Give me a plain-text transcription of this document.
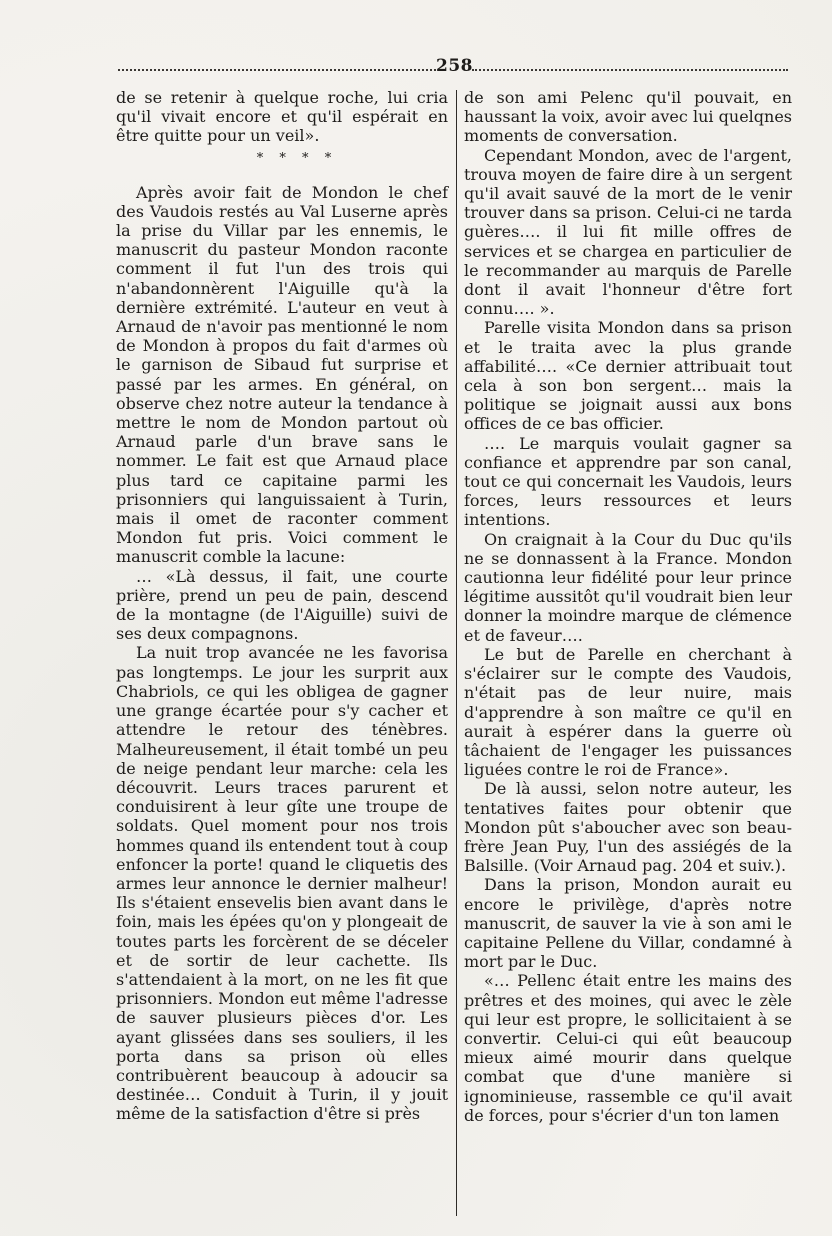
258

de se retenir à quelque roche, lui cria qu'il vivait encore et qu'il espérait en être quitte pour un veil».

* * * *

Après avoir fait de Mondon le chef des Vaudois restés au Val Luserne après la prise du Villar par les ennemis, le manuscrit du pasteur Mondon raconte comment il fut l'un des trois qui n'abandonnèrent l'Aiguille qu'à la dernière extrémité. L'auteur en veut à Arnaud de n'avoir pas mentionné le nom de Mondon à propos du fait d'armes où le garnison de Sibaud fut surprise et passé par les armes. En général, on observe chez notre auteur la tendance à mettre le nom de Mondon partout où Arnaud parle d'un brave sans le nommer. Le fait est que Arnaud place plus tard ce capitaine parmi les prisonniers qui languissaient à Turin, mais il omet de raconter comment Mondon fut pris. Voici comment le manuscrit comble la lacune:

… «Là dessus, il fait, une courte prière, prend un peu de pain, descend de la montagne (de l'Aiguille) suivi de ses deux compagnons.

La nuit trop avancée ne les favorisa pas longtemps. Le jour les surprit aux Chabriols, ce qui les obligea de gagner une grange écartée pour s'y cacher et attendre le retour des ténèbres. Malheureusement, il était tombé un peu de neige pendant leur marche: cela les découvrit. Leurs traces parurent et conduisirent à leur gîte une troupe de soldats. Quel moment pour nos trois hommes quand ils entendent tout à coup enfoncer la porte! quand le cliquetis des armes leur annonce le dernier malheur! Ils s'étaient ensevelis bien avant dans le foin, mais les épées qu'on y plongeait de toutes parts les forcèrent de se déceler et de sortir de leur cachette. Ils s'attendaient à la mort, on ne les fit que prisonniers. Mondon eut même l'adresse de sauver plusieurs pièces d'or. Les ayant glissées dans ses souliers, il les porta dans sa prison où elles contribuèrent beaucoup à adoucir sa destinée… Conduit à Turin, il y jouit même de la satisfaction d'être si près

de son ami Pelenc qu'il pouvait, en haussant la voix, avoir avec lui quelqnes moments de conversation.

Cependant Mondon, avec de l'argent, trouva moyen de faire dire à un sergent qu'il avait sauvé de la mort de le venir trouver dans sa prison. Celui-ci ne tarda guères…. il lui fit mille offres de services et se chargea en particulier de le recommander au marquis de Parelle dont il avait l'honneur d'être fort connu…. ».

Parelle visita Mondon dans sa prison et le traita avec la plus grande affabilité…. «Ce dernier attribuait tout cela à son bon sergent… mais la politique se joignait aussi aux bons offices de ce bas officier.

…. Le marquis voulait gagner sa confiance et apprendre par son canal, tout ce qui concernait les Vaudois, leurs forces, leurs ressources et leurs intentions.

On craignait à la Cour du Duc qu'ils ne se donnassent à la France. Mondon cautionna leur fidélité pour leur prince légitime aussitôt qu'il voudrait bien leur donner la moindre marque de clémence et de faveur….

Le but de Parelle en cherchant à s'éclairer sur le compte des Vaudois, n'était pas de leur nuire, mais d'apprendre à son maître ce qu'il en aurait à espérer dans la guerre où tâchaient de l'engager les puissances liguées contre le roi de France».

De là aussi, selon notre auteur, les tentatives faites pour obtenir que Mondon pût s'aboucher avec son beau-frère Jean Puy, l'un des assiégés de la Balsille. (Voir Arnaud pag. 204 et suiv.).

Dans la prison, Mondon aurait eu encore le privilège, d'après notre manuscrit, de sauver la vie à son ami le capitaine Pellene du Villar, condamné à mort par le Duc.

«… Pellenc était entre les mains des prêtres et des moines, qui avec le zèle qui leur est propre, le sollicitaient à se convertir. Celui-ci qui eût beaucoup mieux aimé mourir dans quelque combat que d'une manière si ignominieuse, rassemble ce qu'il avait de forces, pour s'écrier d'un ton lamen
